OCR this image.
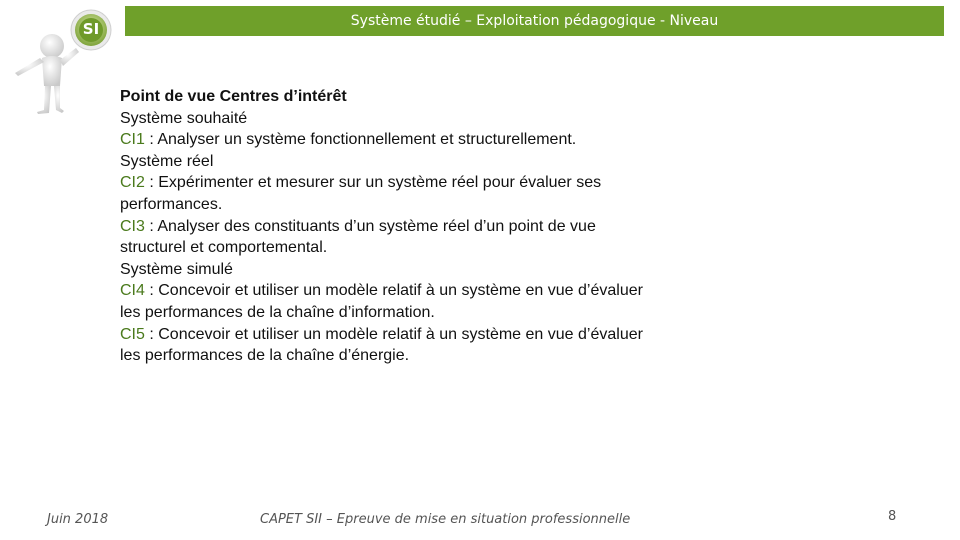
SI	Système étudié – Exploitation pédagogique - Niveau
Point de vue Centres d’intérêt
Système souhaité
CI1 : Analyser un système fonctionnellement et structurellement.
Système réel
CI2 : Expérimenter et mesurer sur un système réel pour évaluer ses
performances.
CI3 : Analyser des constituants d’un système réel d’un point de vue
structurel et comportemental.
Système simulé
CI4 : Concevoir et utiliser un modèle relatif à un système en vue d’évaluer
les performances de la chaîne d’information.
CI5 : Concevoir et utiliser un modèle relatif à un système en vue d’évaluer
les performances de la chaîne d’énergie.
Juin 2018	CAPET SII – Epreuve de mise en situation professionnelle	8
